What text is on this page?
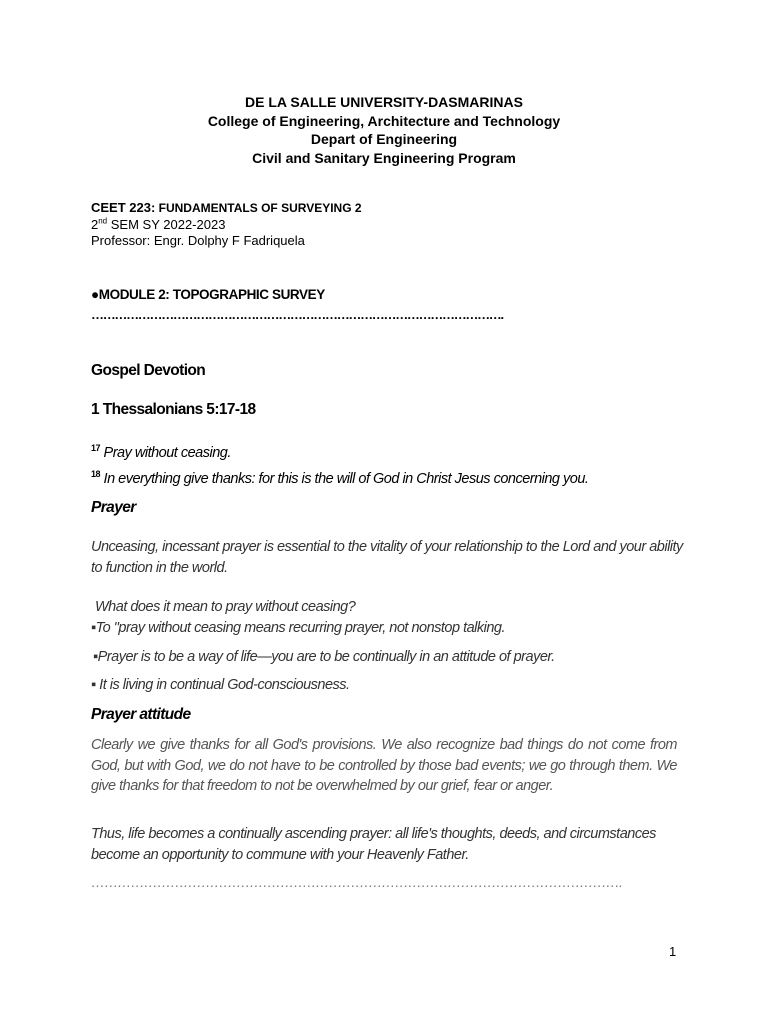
DE LA SALLE UNIVERSITY-DASMARINAS
College of Engineering, Architecture and Technology
Depart of Engineering
Civil and Sanitary Engineering Program
CEET 223: FUNDAMENTALS OF SURVEYING 2
2nd SEM SY 2022-2023
Professor: Engr. Dolphy F Fadriquela
●MODULE 2: TOPOGRAPHIC SURVEY
…………………………………………………………………………………………….
Gospel Devotion
1 Thessalonians 5:17-18
$^{17}$ Pray without ceasing.
$^{18}$ In everything give thanks: for this is the will of God in Christ Jesus concerning you.
Prayer
Unceasing, incessant prayer is essential to the vitality of your relationship to the Lord and your ability to function in the world.
What does it mean to pray without ceasing?
▪To "pray without ceasing means recurring prayer, not nonstop talking.
▪Prayer is to be a way of life—you are to be continually in an attitude of prayer.
▪ It is living in continual God-consciousness.
Prayer attitude
Clearly we give thanks for all God's provisions. We also recognize bad things do not come from God, but with God, we do not have to be controlled by those bad events; we go through them. We give thanks for that freedom to not be overwhelmed by our grief, fear or anger.
Thus, life becomes a continually ascending prayer: all life's thoughts, deeds, and circumstances become an opportunity to commune with your Heavenly Father.
………………………………………………………………………………………………………….
1
